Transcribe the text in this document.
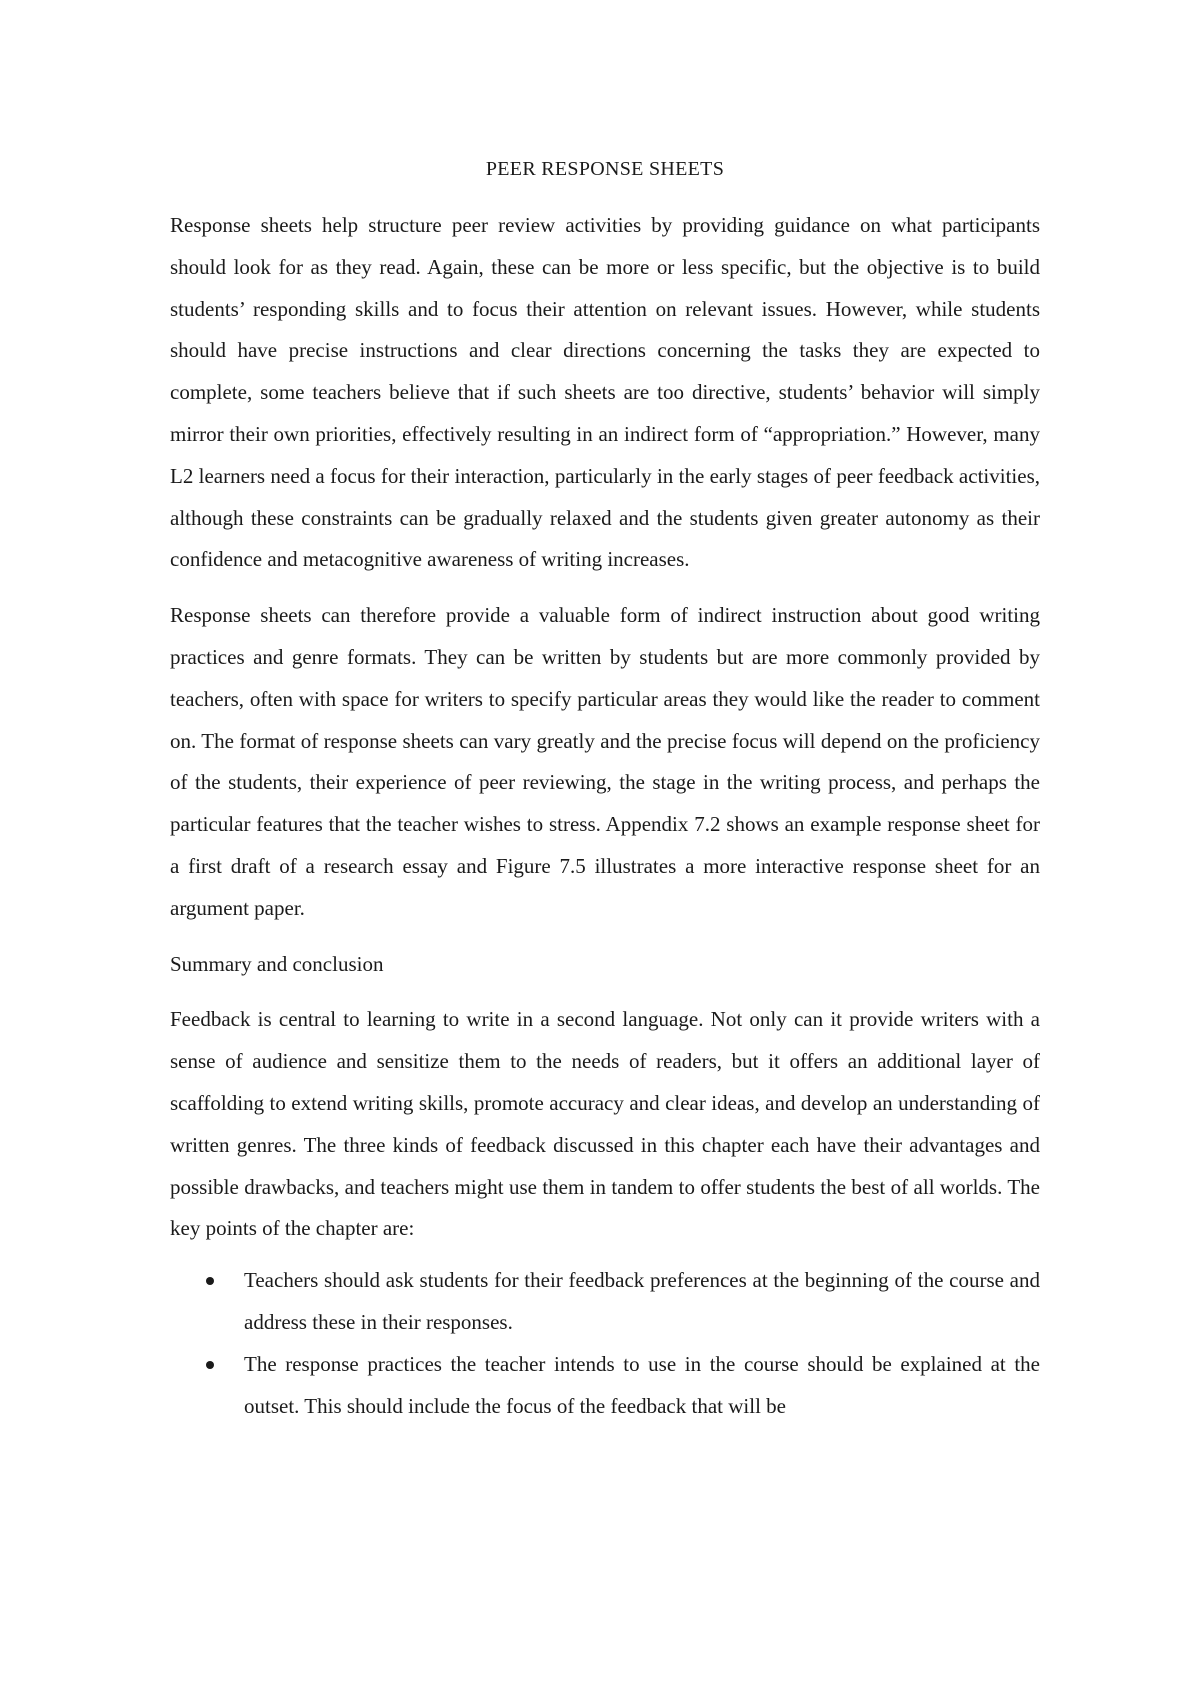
PEER RESPONSE SHEETS

Response sheets help structure peer review activities by providing guidance on what participants should look for as they read. Again, these can be more or less specific, but the objective is to build students’ responding skills and to focus their attention on relevant issues. However, while students should have precise instructions and clear directions concerning the tasks they are expected to complete, some teachers believe that if such sheets are too directive, students’ behavior will simply mirror their own priorities, effectively resulting in an indirect form of “appropriation.” However, many L2 learners need a focus for their interaction, particularly in the early stages of peer feedback activities, although these constraints can be gradually relaxed and the students given greater autonomy as their confidence and metacognitive awareness of writing increases.

Response sheets can therefore provide a valuable form of indirect instruction about good writing practices and genre formats. They can be written by students but are more commonly provided by teachers, often with space for writers to specify particular areas they would like the reader to comment on. The format of response sheets can vary greatly and the precise focus will depend on the proficiency of the students, their experience of peer reviewing, the stage in the writing process, and perhaps the particular features that the teacher wishes to stress. Appendix 7.2 shows an example response sheet for a first draft of a research essay and Figure 7.5 illustrates a more interactive response sheet for an argument paper.

Summary and conclusion

Feedback is central to learning to write in a second language. Not only can it provide writers with a sense of audience and sensitize them to the needs of readers, but it offers an additional layer of scaffolding to extend writing skills, promote accuracy and clear ideas, and develop an understanding of written genres. The three kinds of feedback discussed in this chapter each have their advantages and possible drawbacks, and teachers might use them in tandem to offer students the best of all worlds. The key points of the chapter are:

Teachers should ask students for their feedback preferences at the beginning of the course and address these in their responses.
The response practices the teacher intends to use in the course should be explained at the outset. This should include the focus of the feedback that will be
